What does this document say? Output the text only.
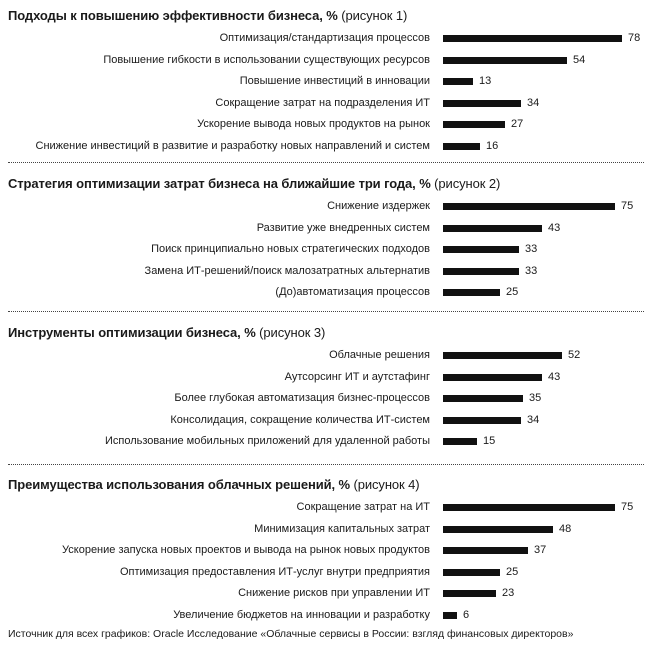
Подходы к повышению эффективности бизнеса, % (рисунок 1)
Оптимизация/стандартизация процессов	78
Повышение гибкости в использовании существующих ресурсов	54
Повышение инвестиций в инновации	13
Сокращение затрат на подразделения ИТ	34
Ускорение вывода новых продуктов на рынок	27
Снижение инвестиций в развитие и разработку новых направлений и систем	16
Стратегия оптимизации затрат бизнеса на ближайшие три года, % (рисунок 2)
Снижение издержек	75
Развитие уже внедренных систем	43
Поиск принципиально новых стратегических подходов	33
Замена ИТ-решений/поиск малозатратных альтернатив	33
(До)автоматизация процессов	25
Инструменты оптимизации бизнеса, % (рисунок 3)
Облачные решения	52
Аутсорсинг ИТ и аутстафинг	43
Более глубокая автоматизация бизнес-процессов	35
Консолидация, сокращение количества ИТ-систем	34
Использование мобильных приложений для удаленной работы	15
Преимущества использования облачных решений, % (рисунок 4)
Сокращение затрат на ИТ	75
Минимизация капитальных затрат	48
Ускорение запуска новых проектов и вывода на рынок новых продуктов	37
Оптимизация предоставления ИТ-услуг внутри предприятия	25
Снижение рисков при управлении ИТ	23
Увеличение бюджетов на инновации и разработку	6
Источник для всех графиков: Oracle Исследование «Облачные сервисы в России: взгляд финансовых директоров»
